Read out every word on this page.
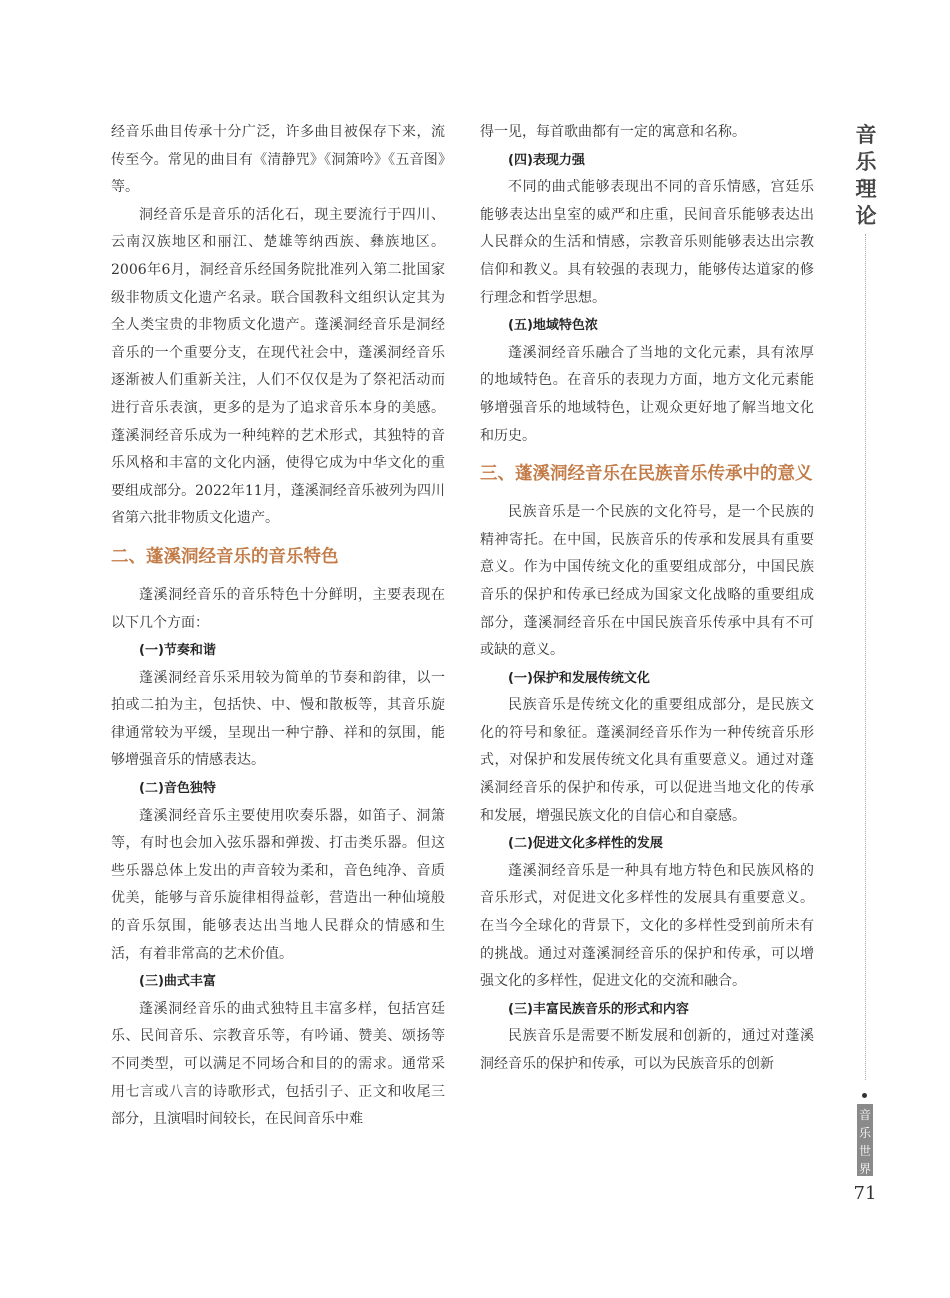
经音乐曲目传承十分广泛，许多曲目被保存下来，流传至今。常见的曲目有《清静咒》《洞箫吟》《五音图》等。

洞经音乐是音乐的活化石，现主要流行于四川、云南汉族地区和丽江、楚雄等纳西族、彝族地区。2006年6月，洞经音乐经国务院批准列入第二批国家级非物质文化遗产名录。联合国教科文组织认定其为全人类宝贵的非物质文化遗产。蓬溪洞经音乐是洞经音乐的一个重要分支，在现代社会中，蓬溪洞经音乐逐渐被人们重新关注，人们不仅仅是为了祭祀活动而进行音乐表演，更多的是为了追求音乐本身的美感。蓬溪洞经音乐成为一种纯粹的艺术形式，其独特的音乐风格和丰富的文化内涵，使得它成为中华文化的重要组成部分。2022年11月，蓬溪洞经音乐被列为四川省第六批非物质文化遗产。

二、蓬溪洞经音乐的音乐特色

蓬溪洞经音乐的音乐特色十分鲜明，主要表现在以下几个方面：

(一)节奏和谐

蓬溪洞经音乐采用较为简单的节奏和韵律，以一拍或二拍为主，包括快、中、慢和散板等，其音乐旋律通常较为平缓，呈现出一种宁静、祥和的氛围，能够增强音乐的情感表达。

(二)音色独特

蓬溪洞经音乐主要使用吹奏乐器，如笛子、洞箫等，有时也会加入弦乐器和弹拨、打击类乐器。但这些乐器总体上发出的声音较为柔和，音色纯净、音质优美，能够与音乐旋律相得益彰，营造出一种仙境般的音乐氛围，能够表达出当地人民群众的情感和生活，有着非常高的艺术价值。

(三)曲式丰富

蓬溪洞经音乐的曲式独特且丰富多样，包括宫廷乐、民间音乐、宗教音乐等，有吟诵、赞美、颂扬等不同类型，可以满足不同场合和目的的需求。通常采用七言或八言的诗歌形式，包括引子、正文和收尾三部分，且演唱时间较长，在民间音乐中难

得一见，每首歌曲都有一定的寓意和名称。

(四)表现力强

不同的曲式能够表现出不同的音乐情感，宫廷乐能够表达出皇室的威严和庄重，民间音乐能够表达出人民群众的生活和情感，宗教音乐则能够表达出宗教信仰和教义。具有较强的表现力，能够传达道家的修行理念和哲学思想。

(五)地域特色浓

蓬溪洞经音乐融合了当地的文化元素，具有浓厚的地域特色。在音乐的表现力方面，地方文化元素能够增强音乐的地域特色，让观众更好地了解当地文化和历史。

三、蓬溪洞经音乐在民族音乐传承中的意义

民族音乐是一个民族的文化符号，是一个民族的精神寄托。在中国，民族音乐的传承和发展具有重要意义。作为中国传统文化的重要组成部分，中国民族音乐的保护和传承已经成为国家文化战略的重要组成部分，蓬溪洞经音乐在中国民族音乐传承中具有不可或缺的意义。

(一)保护和发展传统文化

民族音乐是传统文化的重要组成部分，是民族文化的符号和象征。蓬溪洞经音乐作为一种传统音乐形式，对保护和发展传统文化具有重要意义。通过对蓬溪洞经音乐的保护和传承，可以促进当地文化的传承和发展，增强民族文化的自信心和自豪感。

(二)促进文化多样性的发展

蓬溪洞经音乐是一种具有地方特色和民族风格的音乐形式，对促进文化多样性的发展具有重要意义。在当今全球化的背景下，文化的多样性受到前所未有的挑战。通过对蓬溪洞经音乐的保护和传承，可以增强文化的多样性，促进文化的交流和融合。

(三)丰富民族音乐的形式和内容

民族音乐是需要不断发展和创新的，通过对蓬溪洞经音乐的保护和传承，可以为民族音乐的创新

音乐理论
音乐世界
71
